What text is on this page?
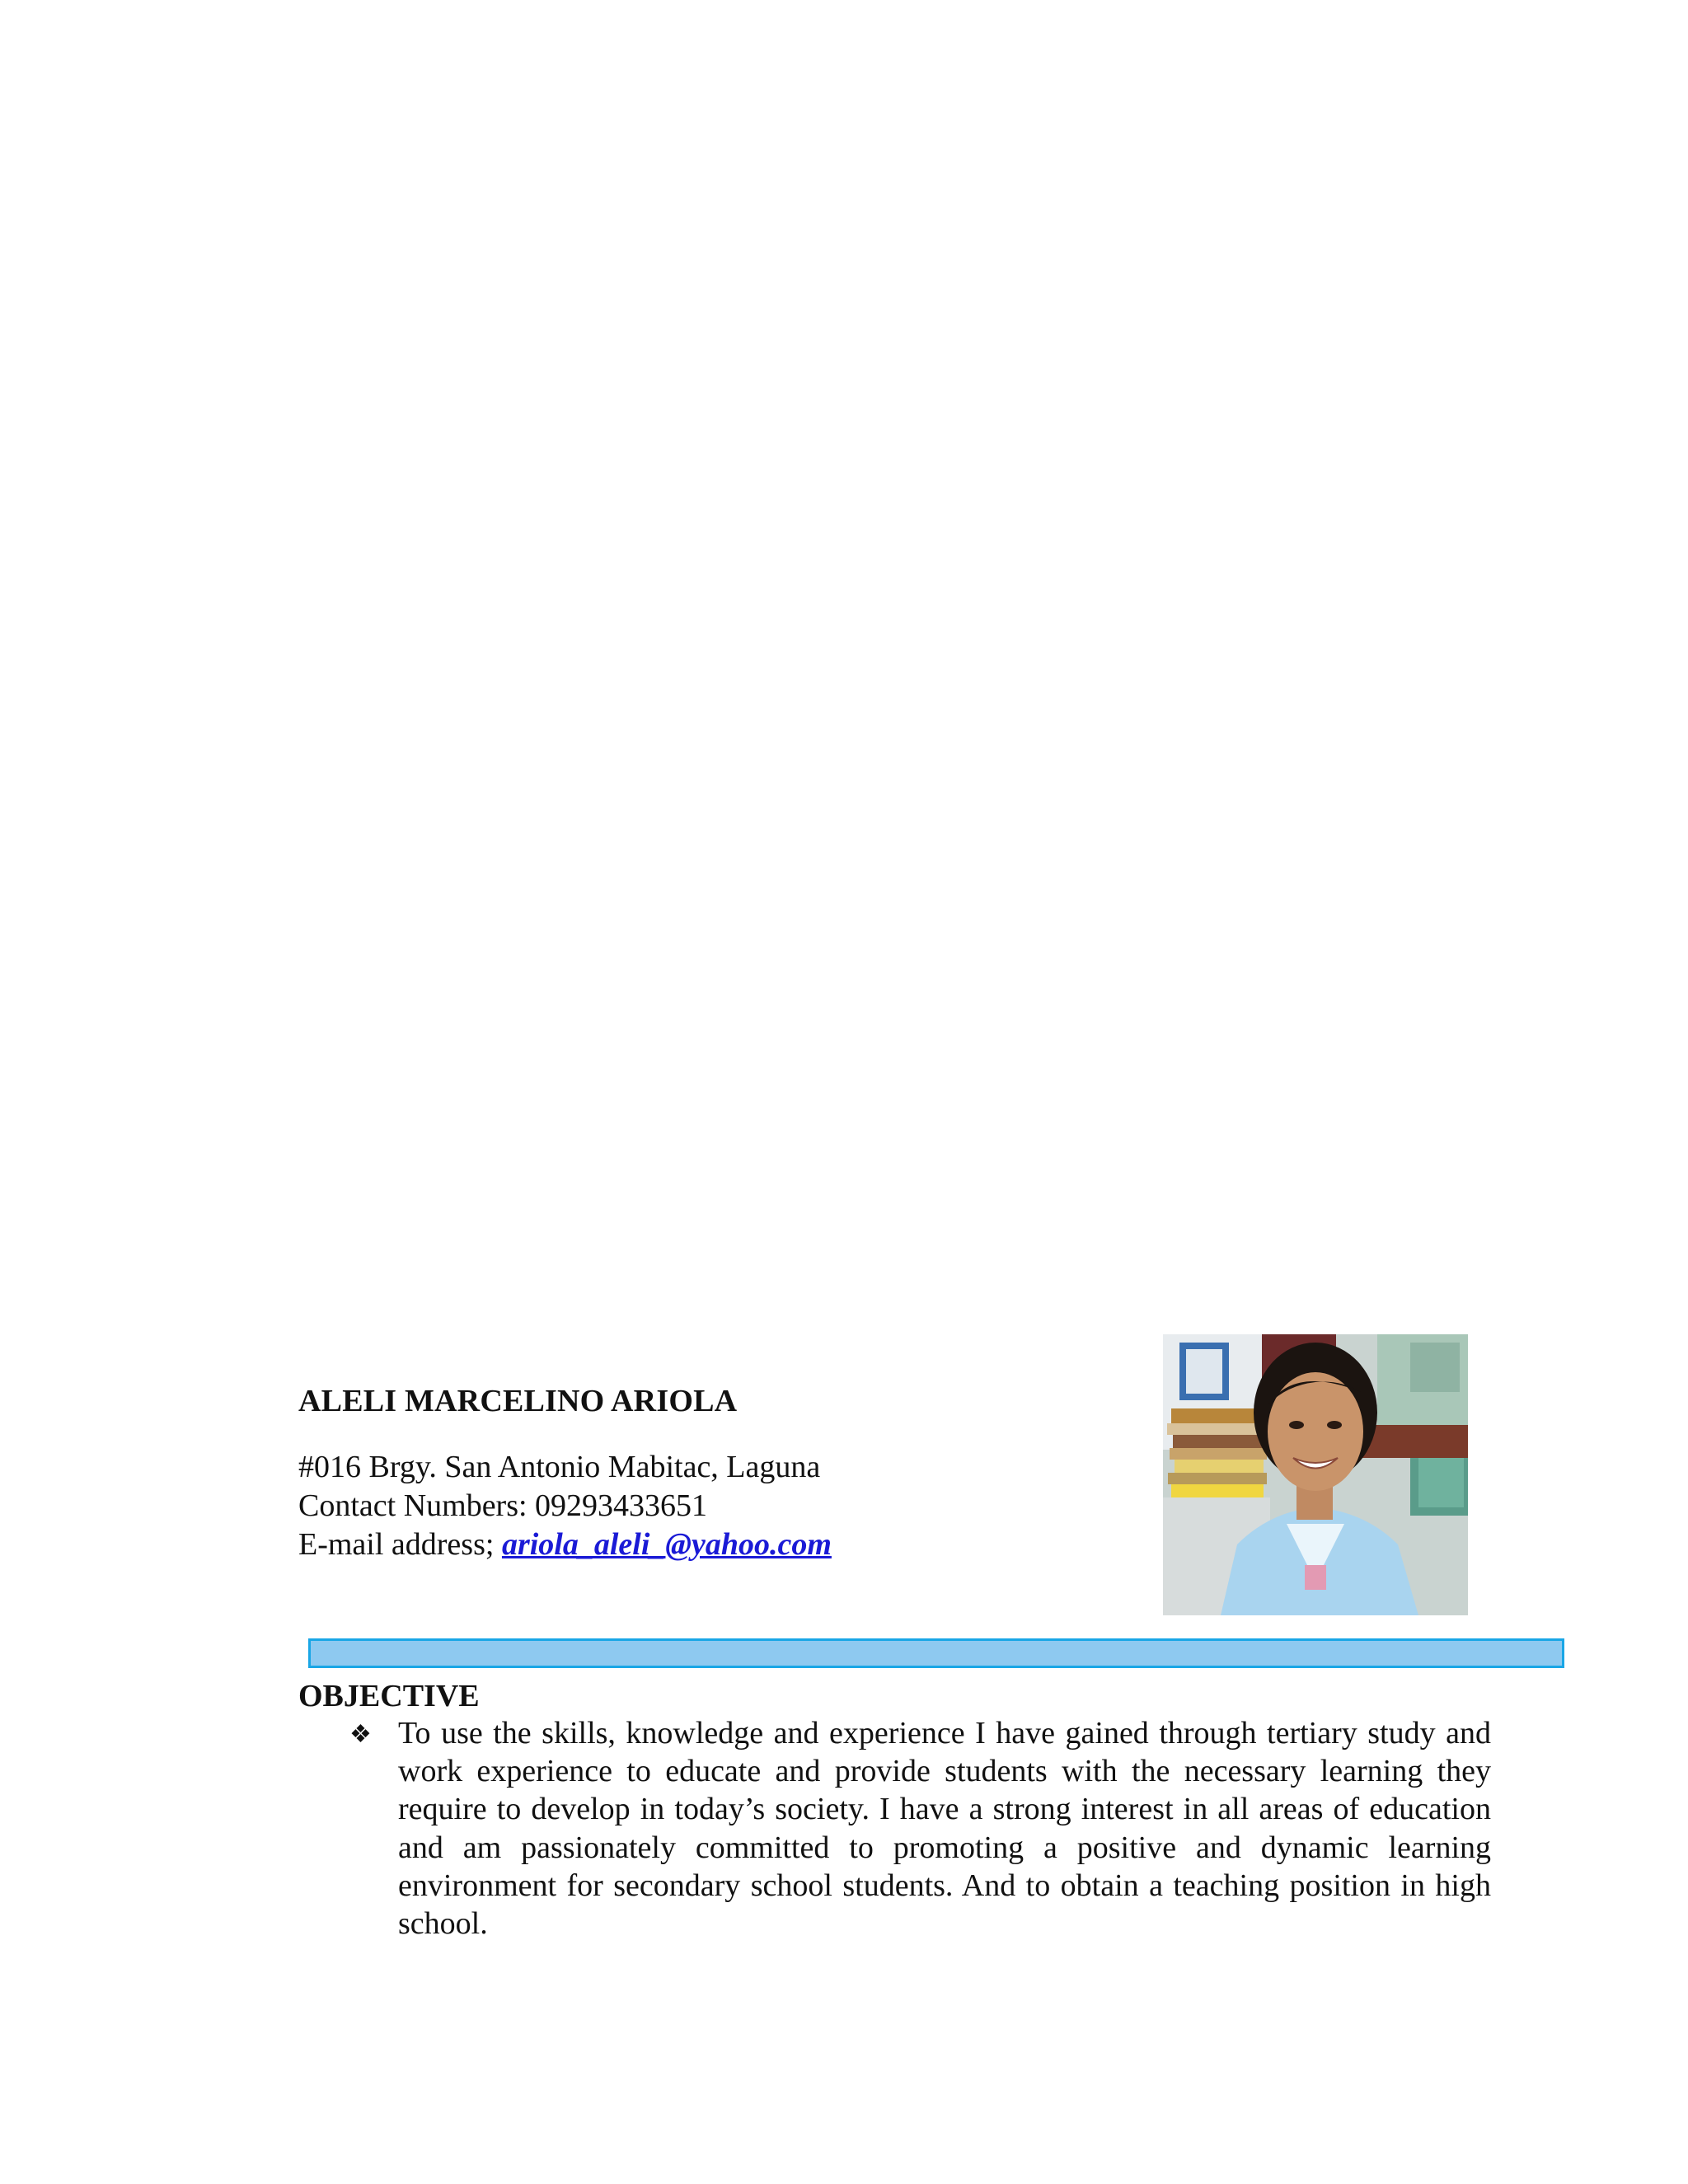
ALELI MARCELINO ARIOLA
#016 Brgy. San Antonio Mabitac, Laguna
Contact Numbers: 09293433651
E-mail address; ariola_aleli_@yahoo.com
OBJECTIVE
❖ To use the skills, knowledge and experience I have gained through tertiary study and work experience to educate and provide students with the necessary learning they require to develop in today’s society. I have a strong interest in all areas of education and am passionately committed to promoting a positive and dynamic learning environment for secondary school students. And to obtain a teaching position in high school.
